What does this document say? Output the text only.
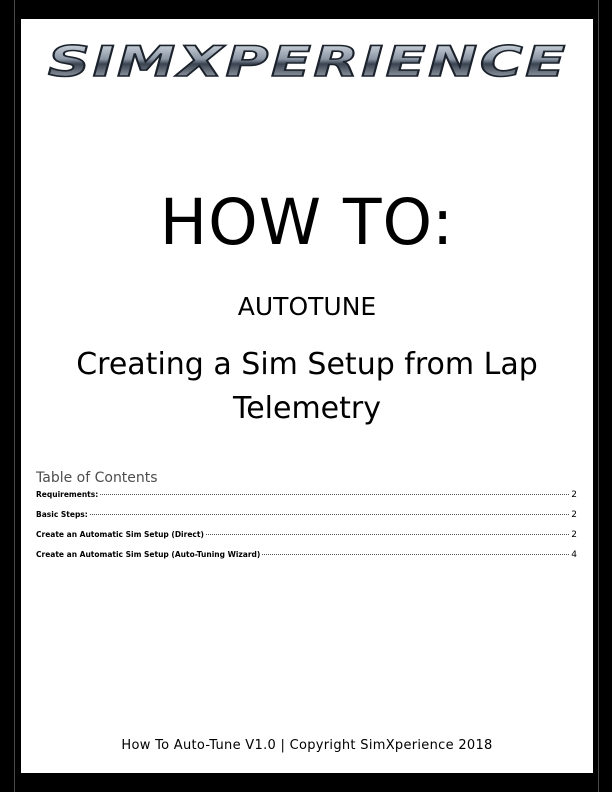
SIMXPERIENCE
HOW TO:
AUTOTUNE
Creating a Sim Setup from Lap
Telemetry
Table of Contents
Requirements:	2
Basic Steps:	2
Create an Automatic Sim Setup (Direct)	2
Create an Automatic Sim Setup (Auto-Tuning Wizard)	4
How To Auto-Tune V1.0 | Copyright SimXperience 2018
